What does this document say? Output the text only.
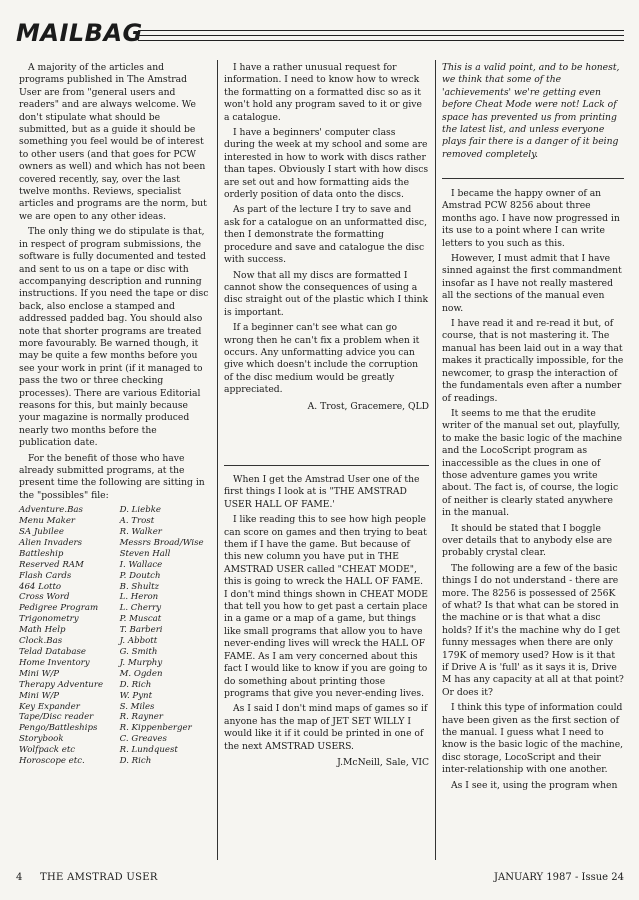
MAILBAG

A majority of the articles and programs published in The Amstrad User are from "general users and readers" and are always welcome. We don't stipulate what should be submitted, but as a guide it should be something you feel would be of interest to other users (and that goes for PCW owners as well) and which has not been covered recently, say, over the last twelve months. Reviews, specialist articles and programs are the norm, but we are open to any other ideas.

The only thing we do stipulate is that, in respect of program submissions, the software is fully documented and tested and sent to us on a tape or disc with accompanying description and running instructions. If you need the tape or disc back, also enclose a stamped and addressed padded bag. You should also note that shorter programs are treated more favourably. Be warned though, it may be quite a few months before you see your work in print (if it managed to pass the two or three checking processes). There are various Editorial reasons for this, but mainly because your magazine is normally produced nearly two months before the publication date.

For the benefit of those who have already submitted programs, at the present time the following are sitting in the "possibles" file:

Adventure.Bas	D. Liebke
Menu Maker	A. Trost
SA Jubilee	R. Walker
Alien Invaders	Messrs Broad/Wise
Battleship	Steven Hall
Reserved RAM	I. Wallace
Flash Cards	P. Doutch
464 Lotto	B. Shultz
Cross Word	L. Heron
Pedigree Program	L. Cherry
Trigonometry	P. Muscat
Math Help	T. Barberi
Clock.Bas	J. Abbott
Telad Database	G. Smith
Home Inventory	J. Murphy
Mini W/P	M. Ogden
Therapy Adventure	D. Rich
Mini W/P	W. Pynt
Key Expander	S. Miles
Tape/Disc reader	R. Rayner
Pengo/Battleships	R. Kippenberger
Storybook	C. Greaves
Wolfpack etc	R. Lundquest
Horoscope etc.	D. Rich

I have a rather unusual request for information. I need to know how to wreck the formatting on a formatted disc so as it won't hold any program saved to it or give a catalogue.

I have a beginners' computer class during the week at my school and some are interested in how to work with discs rather than tapes. Obviously I start with how discs are set out and how formatting aids the orderly position of data onto the discs.

As part of the lecture I try to save and ask for a catalogue on an unformatted disc, then I demonstrate the formatting procedure and save and catalogue the disc with success.

Now that all my discs are formatted I cannot show the consequences of using a disc straight out of the plastic which I think is important.

If a beginner can't see what can go wrong then he can't fix a problem when it occurs. Any unformatting advice you can give which doesn't include the corruption of the disc medium would be greatly appreciated.

A. Trost, Gracemere, QLD

When I get the Amstrad User one of the first things I look at is "THE AMSTRAD USER HALL OF FAME.'

I like reading this to see how high people can score on games and then trying to beat them if I have the game. But because of this new column you have put in THE AMSTRAD USER called "CHEAT MODE", this is going to wreck the HALL OF FAME. I don't mind things shown in CHEAT MODE that tell you how to get past a certain place in a game or a map of a game, but things like small programs that allow you to have never-ending lives will wreck the HALL OF FAME. As I am very concerned about this fact I would like to know if you are going to do something about printing those programs that give you never-ending lives.

As I said I don't mind maps of games so if anyone has the map of JET SET WILLY I would like it if it could be printed in one of the next AMSTRAD USERS.

J.McNeill, Sale, VIC

This is a valid point, and to be honest, we think that some of the 'achievements' we're getting even before Cheat Mode were not! Lack of space has prevented us from printing the latest list, and unless everyone plays fair there is a danger of it being removed completely.

I became the happy owner of an Amstrad PCW 8256 about three months ago. I have now progressed in its use to a point where I can write letters to you such as this.

However, I must admit that I have sinned against the first commandment insofar as I have not really mastered all the sections of the manual even now.

I have read it and re-read it but, of course, that is not mastering it. The manual has been laid out in a way that makes it practically impossible, for the newcomer, to grasp the interaction of the fundamentals even after a number of readings.

It seems to me that the erudite writer of the manual set out, playfully, to make the basic logic of the machine and the LocoScript program as inaccessible as the clues in one of those adventure games you write about. The fact is, of course, the logic of neither is clearly stated anywhere in the manual.

It should be stated that I boggle over details that to anybody else are probably crystal clear.

The following are a few of the basic things I do not understand - there are more. The 8256 is possessed of 256K of what? Is that what can be stored in the machine or is that what a disc holds? If it's the machine why do I get funny messages when there are only 179K of memory used? How is it that if Drive A is 'full' as it says it is, Drive M has any capacity at all at that point? Or does it?

I think this type of information could have been given as the first section of the manual. I guess what I need to know is the basic logic of the machine, disc storage, LocoScript and their inter-relationship with one another.

As I see it, using the program when

4 THE AMSTRAD USER	JANUARY 1987 - Issue 24
